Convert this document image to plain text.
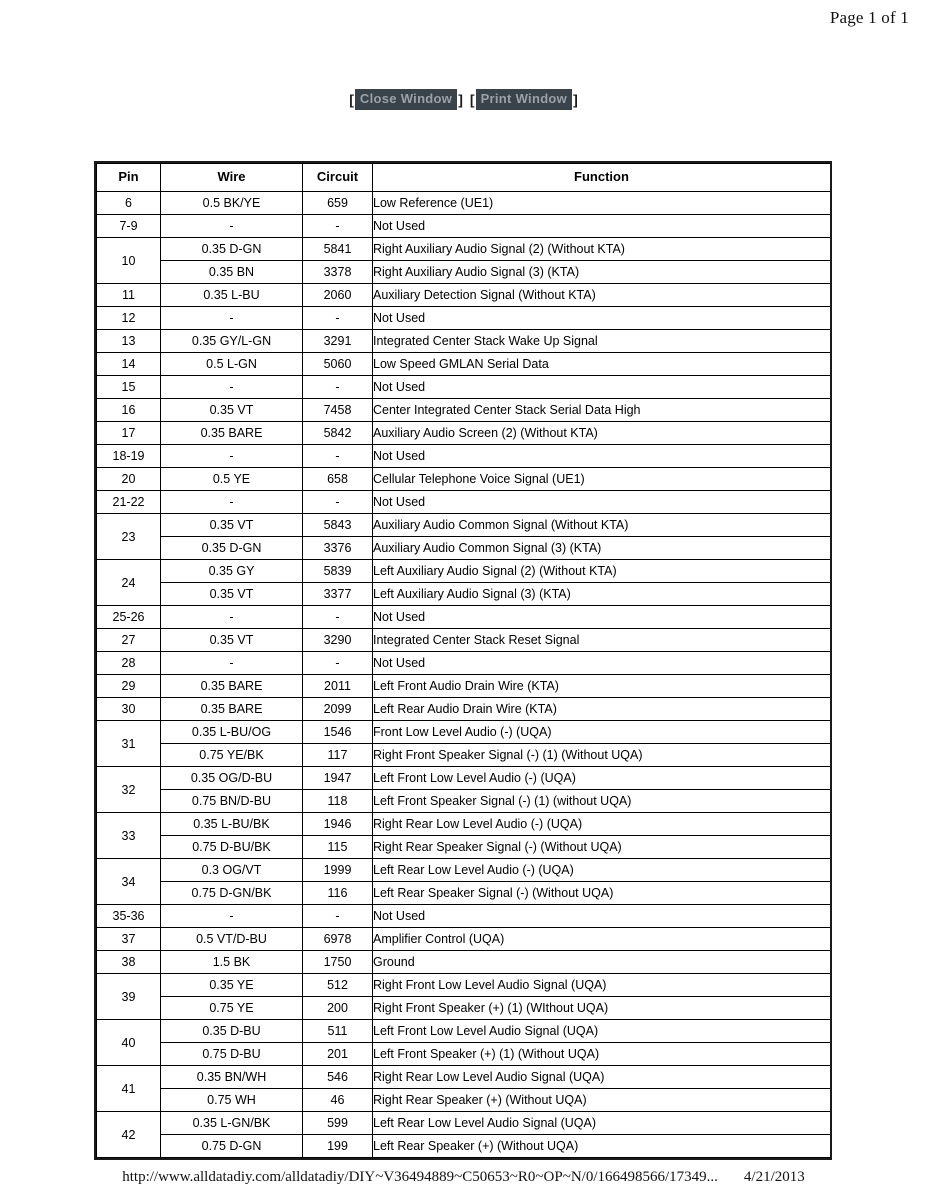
Page 1 of 1
[ Close Window ] [ Print Window ]
Pin	Wire	Circuit	Function
6	0.5 BK/YE	659	Low Reference (UE1)
7-9	-	-	Not Used
10	0.35 D-GN	5841	Right Auxiliary Audio Signal (2) (Without KTA)
	0.35 BN	3378	Right Auxiliary Audio Signal (3) (KTA)
11	0.35 L-BU	2060	Auxiliary Detection Signal (Without KTA)
12	-	-	Not Used
13	0.35 GY/L-GN	3291	Integrated Center Stack Wake Up Signal
14	0.5 L-GN	5060	Low Speed GMLAN Serial Data
15	-	-	Not Used
16	0.35 VT	7458	Center Integrated Center Stack Serial Data High
17	0.35 BARE	5842	Auxiliary Audio Screen (2) (Without KTA)
18-19	-	-	Not Used
20	0.5 YE	658	Cellular Telephone Voice Signal (UE1)
21-22	-	-	Not Used
23	0.35 VT	5843	Auxiliary Audio Common Signal (Without KTA)
	0.35 D-GN	3376	Auxiliary Audio Common Signal (3) (KTA)
24	0.35 GY	5839	Left Auxiliary Audio Signal (2) (Without KTA)
	0.35 VT	3377	Left Auxiliary Audio Signal (3) (KTA)
25-26	-	-	Not Used
27	0.35 VT	3290	Integrated Center Stack Reset Signal
28	-	-	Not Used
29	0.35 BARE	2011	Left Front Audio Drain Wire (KTA)
30	0.35 BARE	2099	Left Rear Audio Drain Wire (KTA)
31	0.35 L-BU/OG	1546	Front Low Level Audio (-) (UQA)
	0.75 YE/BK	117	Right Front Speaker Signal (-) (1) (Without UQA)
32	0.35 OG/D-BU	1947	Left Front Low Level Audio (-) (UQA)
	0.75 BN/D-BU	118	Left Front Speaker Signal (-) (1) (without UQA)
33	0.35 L-BU/BK	1946	Right Rear Low Level Audio (-) (UQA)
	0.75 D-BU/BK	115	Right Rear Speaker Signal (-) (Without UQA)
34	0.3 OG/VT	1999	Left Rear Low Level Audio (-) (UQA)
	0.75 D-GN/BK	116	Left Rear Speaker Signal (-) (Without UQA)
35-36	-	-	Not Used
37	0.5 VT/D-BU	6978	Amplifier Control (UQA)
38	1.5 BK	1750	Ground
39	0.35 YE	512	Right Front Low Level Audio Signal (UQA)
	0.75 YE	200	Right Front Speaker (+) (1) (WIthout UQA)
40	0.35 D-BU	511	Left Front Low Level Audio Signal (UQA)
	0.75 D-BU	201	Left Front Speaker (+) (1) (Without UQA)
41	0.35 BN/WH	546	Right Rear Low Level Audio Signal (UQA)
	0.75 WH	46	Right Rear Speaker (+) (Without UQA)
42	0.35 L-GN/BK	599	Left Rear Low Level Audio Signal (UQA)
	0.75 D-GN	199	Left Rear Speaker (+) (Without UQA)
http://www.alldatadiy.com/alldatadiy/DIY~V36494889~C50653~R0~OP~N/0/166498566/17349... 4/21/2013
